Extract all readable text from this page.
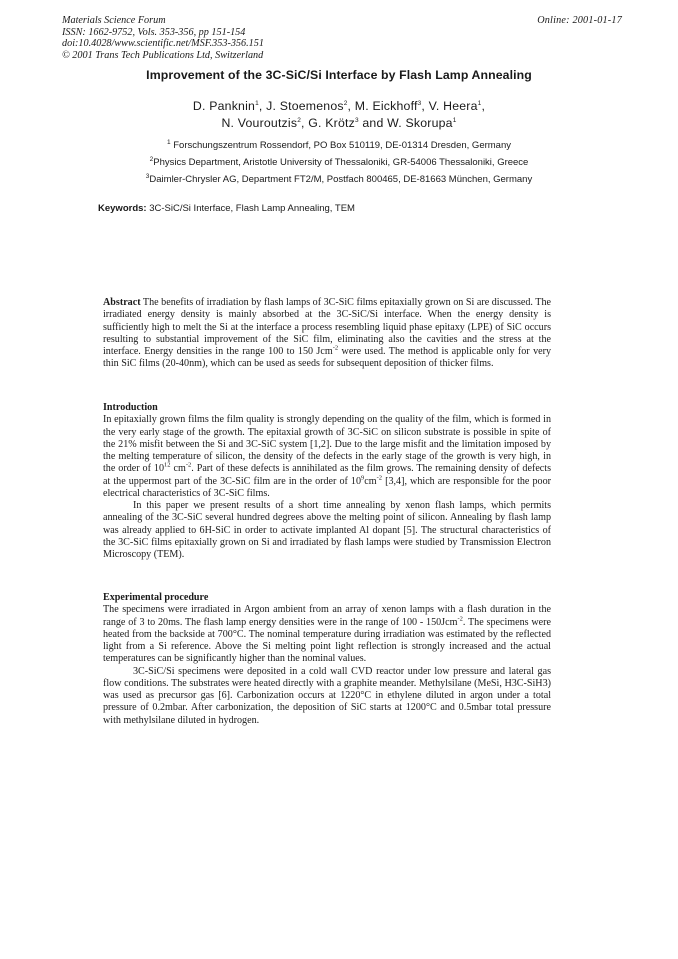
Materials Science Forum
ISSN: 1662-9752, Vols. 353-356, pp 151-154
doi:10.4028/www.scientific.net/MSF.353-356.151
© 2001 Trans Tech Publications Ltd, Switzerland
Online: 2001-01-17
Improvement of the 3C-SiC/Si Interface by Flash Lamp Annealing
D. Panknin$^1$, J. Stoemenos$^2$, M. Eickhoff$^3$, V. Heera$^1$,
N. Vouroutzis$^2$, G. Krötz$^3$ and W. Skorupa$^1$
$^1$ Forschungszentrum Rossendorf, PO Box 510119, DE-01314 Dresden, Germany
$^2$Physics Department, Aristotle University of Thessaloniki, GR-54006 Thessaloniki, Greece
$^3$Daimler-Chrysler AG, Department FT2/M, Postfach 800465, DE-81663 München, Germany
Keywords: 3C-SiC/Si Interface, Flash Lamp Annealing, TEM

Abstract The benefits of irradiation by flash lamps of 3C-SiC films epitaxially grown on Si are discussed. The irradiated energy density is mainly absorbed at the 3C-SiC/Si interface. When the energy density is sufficiently high to melt the Si at the interface a process resembling liquid phase epitaxy (LPE) of SiC occurs resulting to substantial improvement of the SiC film, eliminating also the cavities and the stress at the interface. Energy densities in the range 100 to 150 Jcm$^{-2}$ were used. The method is applicable only for very thin SiC films (20-40nm), which can be used as seeds for subsequent deposition of thicker films.

Introduction

In epitaxially grown films the film quality is strongly depending on the quality of the film, which is formed in the very early stage of the growth. The epitaxial growth of 3C-SiC on silicon substrate is possible in spite of the 21% misfit between the Si and 3C-SiC system [1,2]. Due to the large misfit and the limitation imposed by the melting temperature of silicon, the density of the defects in the early stage of the growth is very high, in the order of $10^{12}$ $cm^{-2}$. Part of these defects is annihilated as the film grows. The remaining density of defects at the uppermost part of the 3C-SiC film are in the order of $10^9cm^{-2}$ [3,4], which are responsible for the poor electrical characteristics of 3C-SiC films.

In this paper we present results of a short time annealing by xenon flash lamps, which permits annealing of the 3C-SiC several hundred degrees above the melting point of silicon. Annealing by flash lamp was already applied to 6H-SiC in order to activate implanted Al dopant [5]. The structural characteristics of the 3C-SiC films epitaxially grown on Si and irradiated by flash lamps were studied by Transmission Electron Microscopy (TEM).

Experimental procedure

The specimens were irradiated in Argon ambient from an array of xenon lamps with a flash duration in the range of 3 to 20ms. The flash lamp energy densities were in the range of 100 - 150Jcm$^{-2}$. The specimens were heated from the backside at 700°C. The nominal temperature during irradiation was estimated by the reflected light from a Si reference. Above the Si melting point light reflection is strongly increased and the actual temperatures can be significantly higher than the nominal values.

3C-SiC/Si specimens were deposited in a cold wall CVD reactor under low pressure and lateral gas flow conditions. The substrates were heated directly with a graphite meander. Methylsilane (MeSi, H3C-SiH3) was used as precursor gas [6]. Carbonization occurs at 1220°C in ethylene diluted in argon under a total pressure of 0.2mbar. After carbonization, the deposition of SiC starts at 1200°C and 0.5mbar total pressure with methylsilane diluted in hydrogen.
